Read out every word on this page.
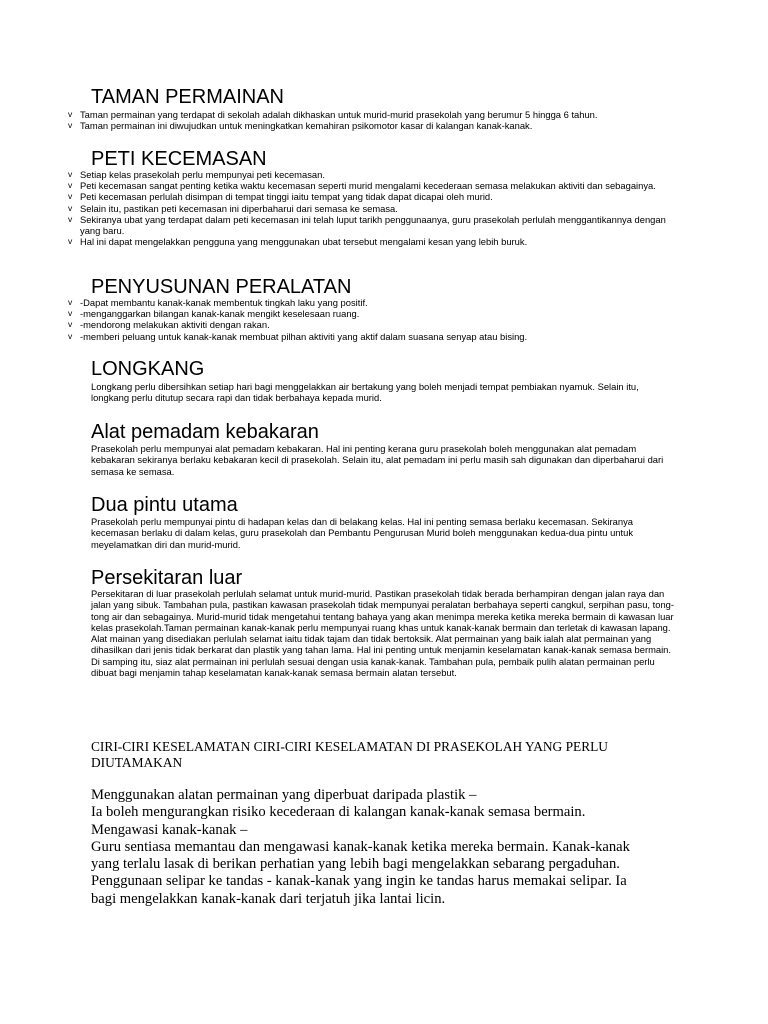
TAMAN PERMAINAN
v Taman permainan yang terdapat di sekolah adalah dikhaskan untuk murid-murid prasekolah yang berumur 5 hingga 6 tahun.
v Taman permainan ini diwujudkan untuk meningkatkan kemahiran psikomotor kasar di kalangan kanak-kanak.
PETI KECEMASAN
v Setiap kelas prasekolah perlu mempunyai peti kecemasan.
v Peti kecemasan sangat penting ketika waktu kecemasan seperti murid mengalami kecederaan semasa melakukan aktiviti dan sebagainya.
v Peti kecemasan perlulah disimpan di tempat tinggi iaitu tempat yang tidak dapat dicapai oleh murid.
v Selain itu, pastikan peti kecemasan ini diperbaharui dari semasa ke semasa.
v Sekiranya ubat yang terdapat dalam peti kecemasan ini telah luput tarikh penggunaanya, guru prasekolah perlulah menggantikannya dengan yang baru.
v Hal ini dapat mengelakkan pengguna yang menggunakan ubat tersebut mengalami kesan yang lebih buruk.
PENYUSUNAN PERALATAN
v -Dapat membantu kanak-kanak membentuk tingkah laku yang positif.
v -menganggarkan bilangan kanak-kanak mengikt keselesaan ruang.
v -mendorong melakukan aktiviti dengan rakan.
v -memberi peluang untuk kanak-kanak membuat pilhan aktiviti yang aktif dalam suasana senyap atau bising.
LONGKANG
Longkang perlu dibersihkan setiap hari bagi menggelakkan air bertakung yang boleh menjadi tempat pembiakan nyamuk. Selain itu, longkang perlu ditutup secara rapi dan tidak berbahaya kepada murid.
Alat pemadam kebakaran
Prasekolah perlu mempunyai alat pemadam kebakaran. Hal ini penting kerana guru prasekolah boleh menggunakan alat pemadam kebakaran sekiranya berlaku kebakaran kecil di prasekolah. Selain itu, alat pemadam ini perlu masih sah digunakan dan diperbaharui dari semasa ke semasa.
Dua pintu utama
Prasekolah perlu mempunyai pintu di hadapan kelas dan di belakang kelas. Hal ini penting semasa berlaku kecemasan. Sekiranya kecemasan berlaku di dalam kelas, guru prasekolah dan Pembantu Pengurusan Murid boleh menggunakan kedua-dua pintu untuk meyelamatkan diri dan murid-murid.
Persekitaran luar
Persekitaran di luar prasekolah perlulah selamat untuk murid-murid. Pastikan prasekolah tidak berada berhampiran dengan jalan raya dan jalan yang sibuk. Tambahan pula, pastikan kawasan prasekolah tidak mempunyai peralatan berbahaya seperti cangkul, serpihan pasu, tong-tong air dan sebagainya. Murid-murid tidak mengetahui tentang bahaya yang akan menimpa mereka ketika mereka bermain di kawasan luar kelas prasekolah.Taman permainan kanak-kanak perlu mempunyai ruang khas untuk kanak-kanak bermain dan terletak di kawasan lapang. Alat mainan yang disediakan perlulah selamat iaitu tidak tajam dan tidak bertoksik. Alat permainan yang baik ialah alat permainan yang dihasilkan dari jenis tidak berkarat dan plastik yang tahan lama. Hal ini penting untuk menjamin keselamatan kanak-kanak semasa bermain. Di samping itu, siaz alat permainan ini perlulah sesuai dengan usia kanak-kanak. Tambahan pula, pembaik pulih alatan permainan perlu dibuat bagi menjamin tahap keselamatan kanak-kanak semasa bermain alatan tersebut.
CIRI-CIRI KESELAMATAN CIRI-CIRI KESELAMATAN DI PRASEKOLAH YANG PERLU DIUTAMAKAN
Menggunakan alatan permainan yang diperbuat daripada plastik –
Ia boleh mengurangkan risiko kecederaan di kalangan kanak-kanak semasa bermain.
Mengawasi kanak-kanak –
Guru sentiasa memantau dan mengawasi kanak-kanak ketika mereka bermain. Kanak-kanak
yang terlalu lasak di berikan perhatian yang lebih bagi mengelakkan sebarang pergaduhan.
Penggunaan selipar ke tandas - kanak-kanak yang ingin ke tandas harus memakai selipar. Ia
bagi mengelakkan kanak-kanak dari terjatuh jika lantai licin.
